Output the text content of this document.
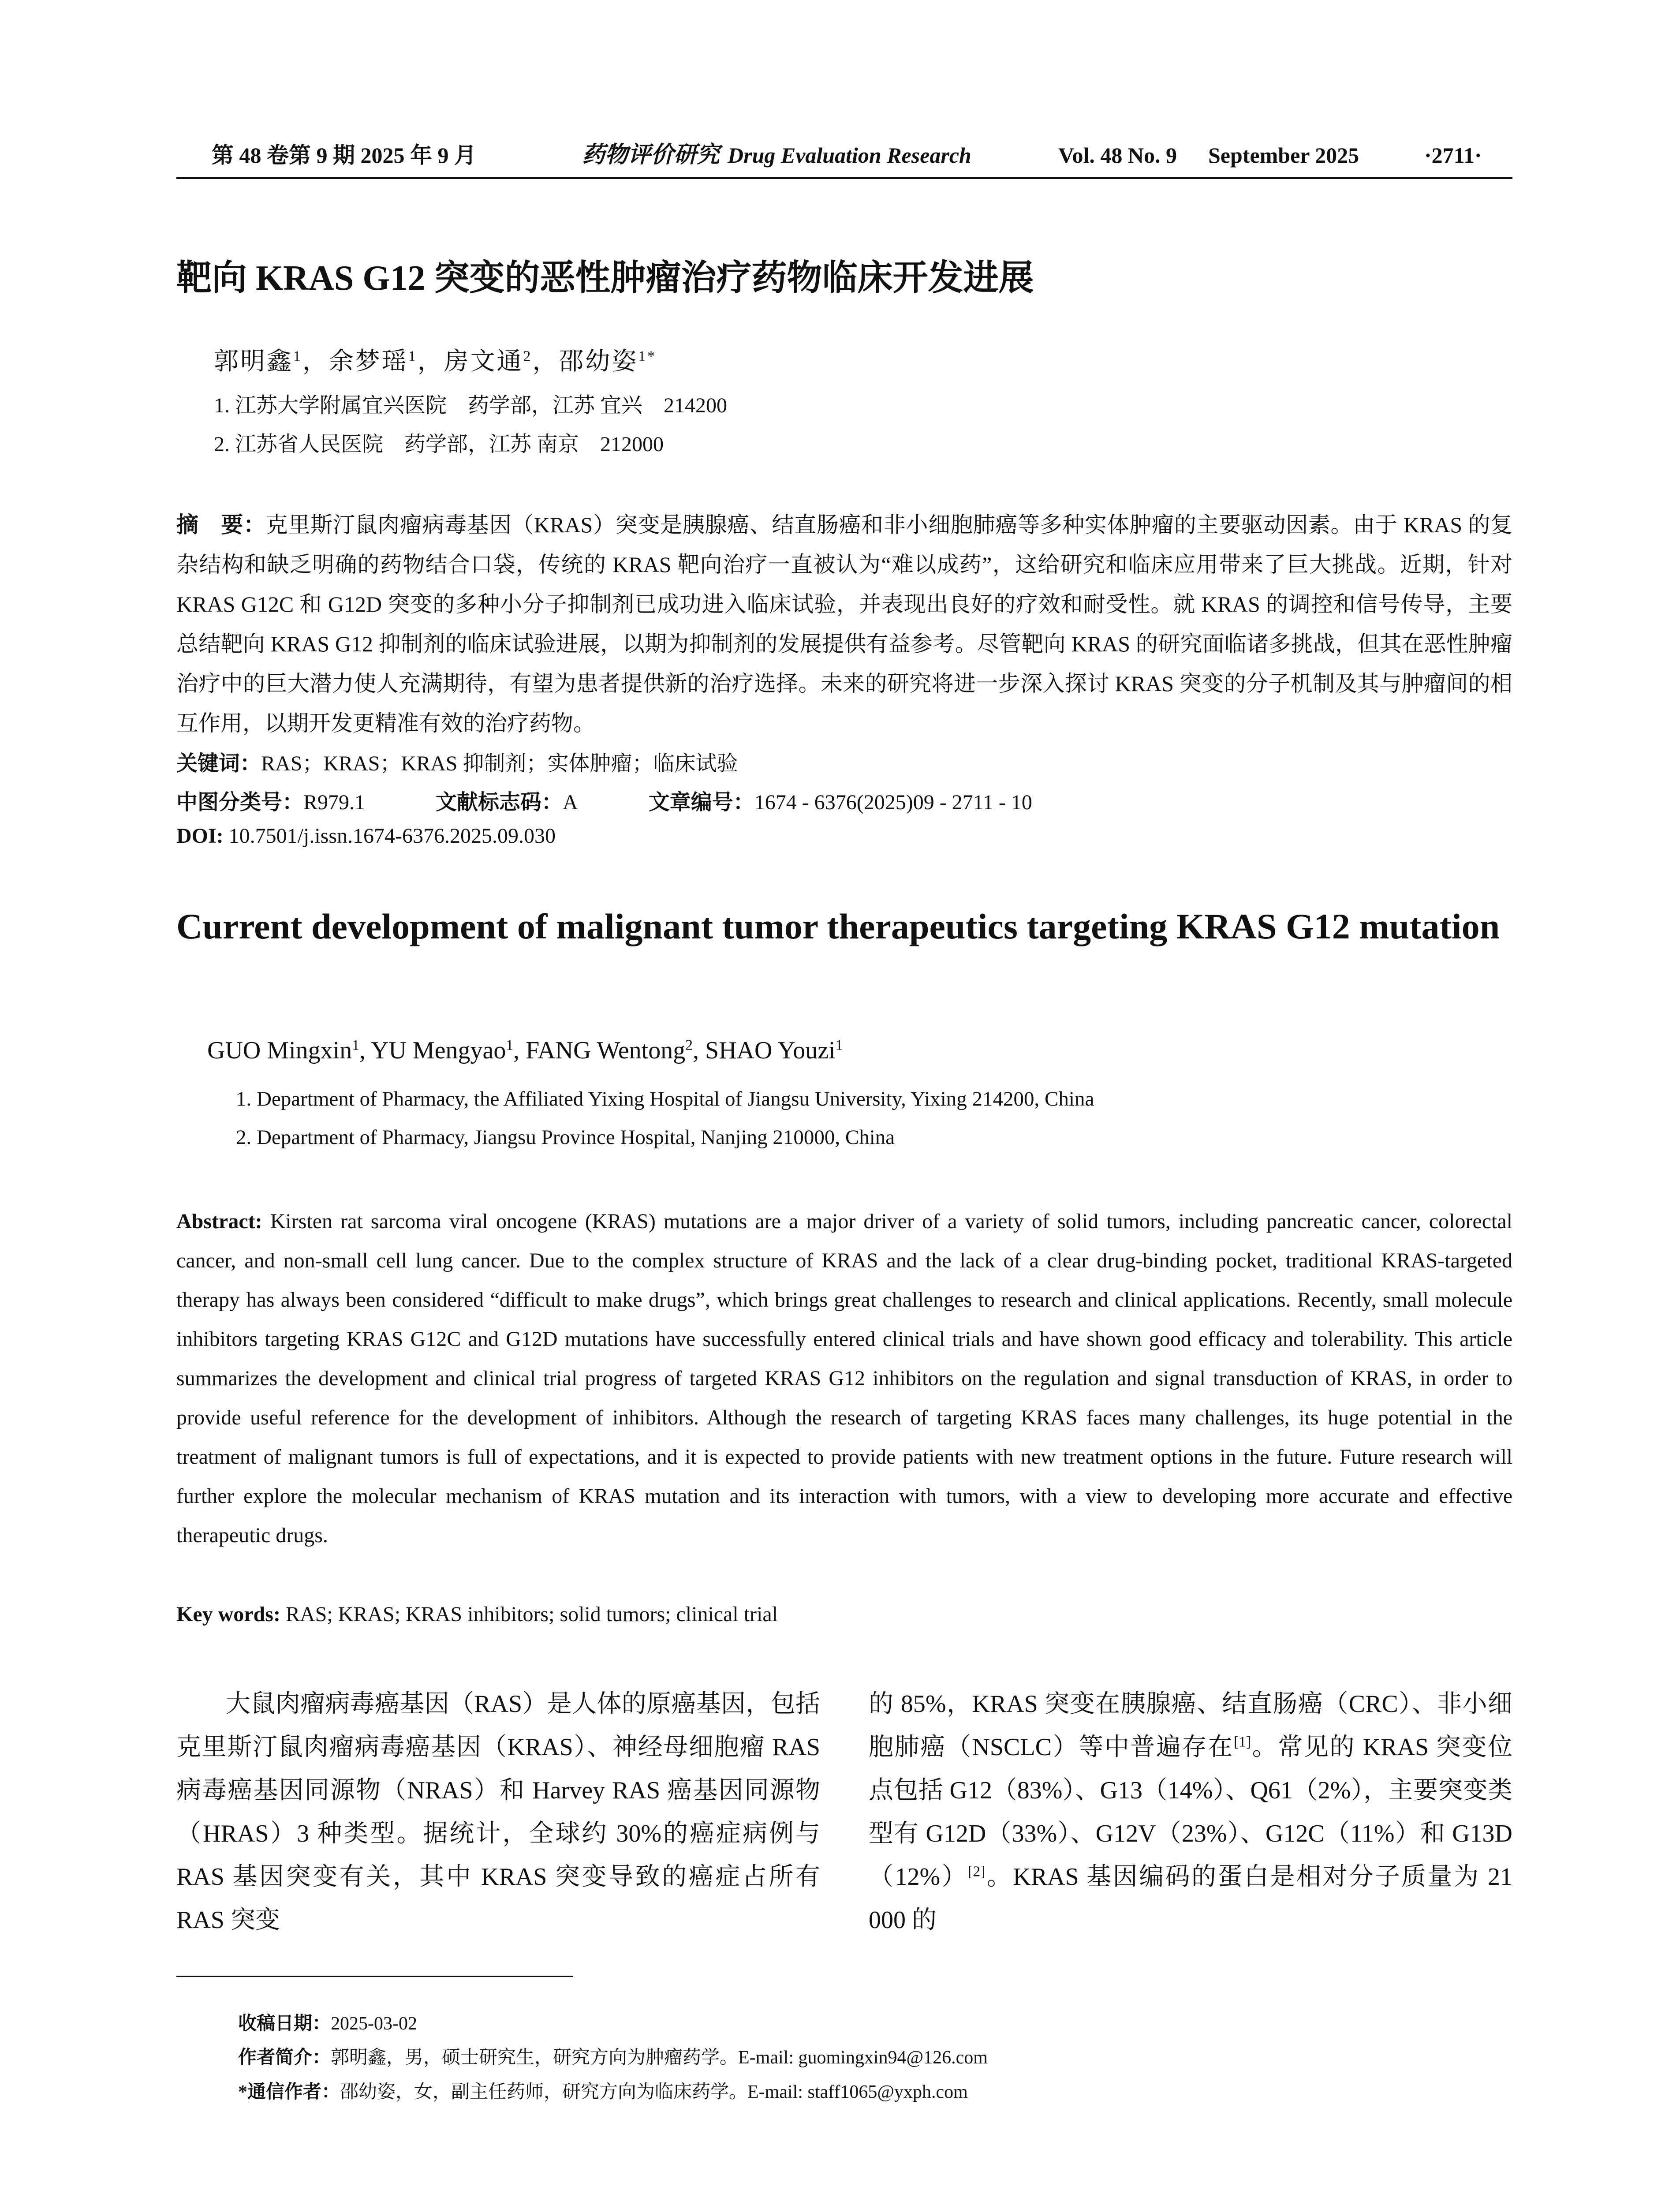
第 48 卷第 9 期 2025 年 9 月	药物评价研究 Drug Evaluation Research	Vol. 48 No. 9 September 2025	·2711·
靶向 KRAS G12 突变的恶性肿瘤治疗药物临床开发进展
郭明鑫$^1$，余梦瑶$^1$，房文通$^2$，邵幼姿$^{1*}$
1. 江苏大学附属宜兴医院　药学部，江苏 宜兴　214200
2. 江苏省人民医院　药学部，江苏 南京　212000
摘　要：克里斯汀鼠肉瘤病毒基因（KRAS）突变是胰腺癌、结直肠癌和非小细胞肺癌等多种实体肿瘤的主要驱动因素。由于 KRAS 的复杂结构和缺乏明确的药物结合口袋，传统的 KRAS 靶向治疗一直被认为“难以成药”，这给研究和临床应用带来了巨大挑战。近期，针对 KRAS G12C 和 G12D 突变的多种小分子抑制剂已成功进入临床试验，并表现出良好的疗效和耐受性。就 KRAS 的调控和信号传导，主要总结靶向 KRAS G12 抑制剂的临床试验进展，以期为抑制剂的发展提供有益参考。尽管靶向 KRAS 的研究面临诸多挑战，但其在恶性肿瘤治疗中的巨大潜力使人充满期待，有望为患者提供新的治疗选择。未来的研究将进一步深入探讨 KRAS 突变的分子机制及其与肿瘤间的相互作用，以期开发更精准有效的治疗药物。
关键词：RAS；KRAS；KRAS 抑制剂；实体肿瘤；临床试验
中图分类号：R979.1	文献标志码：A	文章编号：1674 - 6376(2025)09 - 2711 - 10
DOI: 10.7501/j.issn.1674-6376.2025.09.030
Current development of malignant tumor therapeutics targeting KRAS G12 mutation
GUO Mingxin$^1$, YU Mengyao$^1$, FANG Wentong$^2$, SHAO Youzi$^1$
1. Department of Pharmacy, the Affiliated Yixing Hospital of Jiangsu University, Yixing 214200, China
2. Department of Pharmacy, Jiangsu Province Hospital, Nanjing 210000, China
Abstract: Kirsten rat sarcoma viral oncogene (KRAS) mutations are a major driver of a variety of solid tumors, including pancreatic cancer, colorectal cancer, and non-small cell lung cancer. Due to the complex structure of KRAS and the lack of a clear drug-binding pocket, traditional KRAS-targeted therapy has always been considered “difficult to make drugs”, which brings great challenges to research and clinical applications. Recently, small molecule inhibitors targeting KRAS G12C and G12D mutations have successfully entered clinical trials and have shown good efficacy and tolerability. This article summarizes the development and clinical trial progress of targeted KRAS G12 inhibitors on the regulation and signal transduction of KRAS, in order to provide useful reference for the development of inhibitors. Although the research of targeting KRAS faces many challenges, its huge potential in the treatment of malignant tumors is full of expectations, and it is expected to provide patients with new treatment options in the future. Future research will further explore the molecular mechanism of KRAS mutation and its interaction with tumors, with a view to developing more accurate and effective therapeutic drugs.
Key words: RAS; KRAS; KRAS inhibitors; solid tumors; clinical trial
大鼠肉瘤病毒癌基因（RAS）是人体的原癌基因，包括克里斯汀鼠肉瘤病毒癌基因（KRAS）、神经母细胞瘤 RAS 病毒癌基因同源物（NRAS）和 Harvey RAS 癌基因同源物（HRAS）3 种类型。据统计，全球约 30%的癌症病例与 RAS 基因突变有关，其中 KRAS 突变导致的癌症占所有 RAS 突变
的 85%，KRAS 突变在胰腺癌、结直肠癌（CRC）、非小细胞肺癌（NSCLC）等中普遍存在[1]。常见的 KRAS 突变位点包括 G12（83%）、G13（14%）、Q61（2%），主要突变类型有 G12D（33%）、G12V（23%）、G12C（11%）和 G13D（12%）[2]。KRAS 基因编码的蛋白是相对分子质量为 21 000 的
收稿日期：2025-03-02
作者简介：郭明鑫，男，硕士研究生，研究方向为肿瘤药学。E-mail: guomingxin94@126.com
*通信作者：邵幼姿，女，副主任药师，研究方向为临床药学。E-mail: staff1065@yxph.com
